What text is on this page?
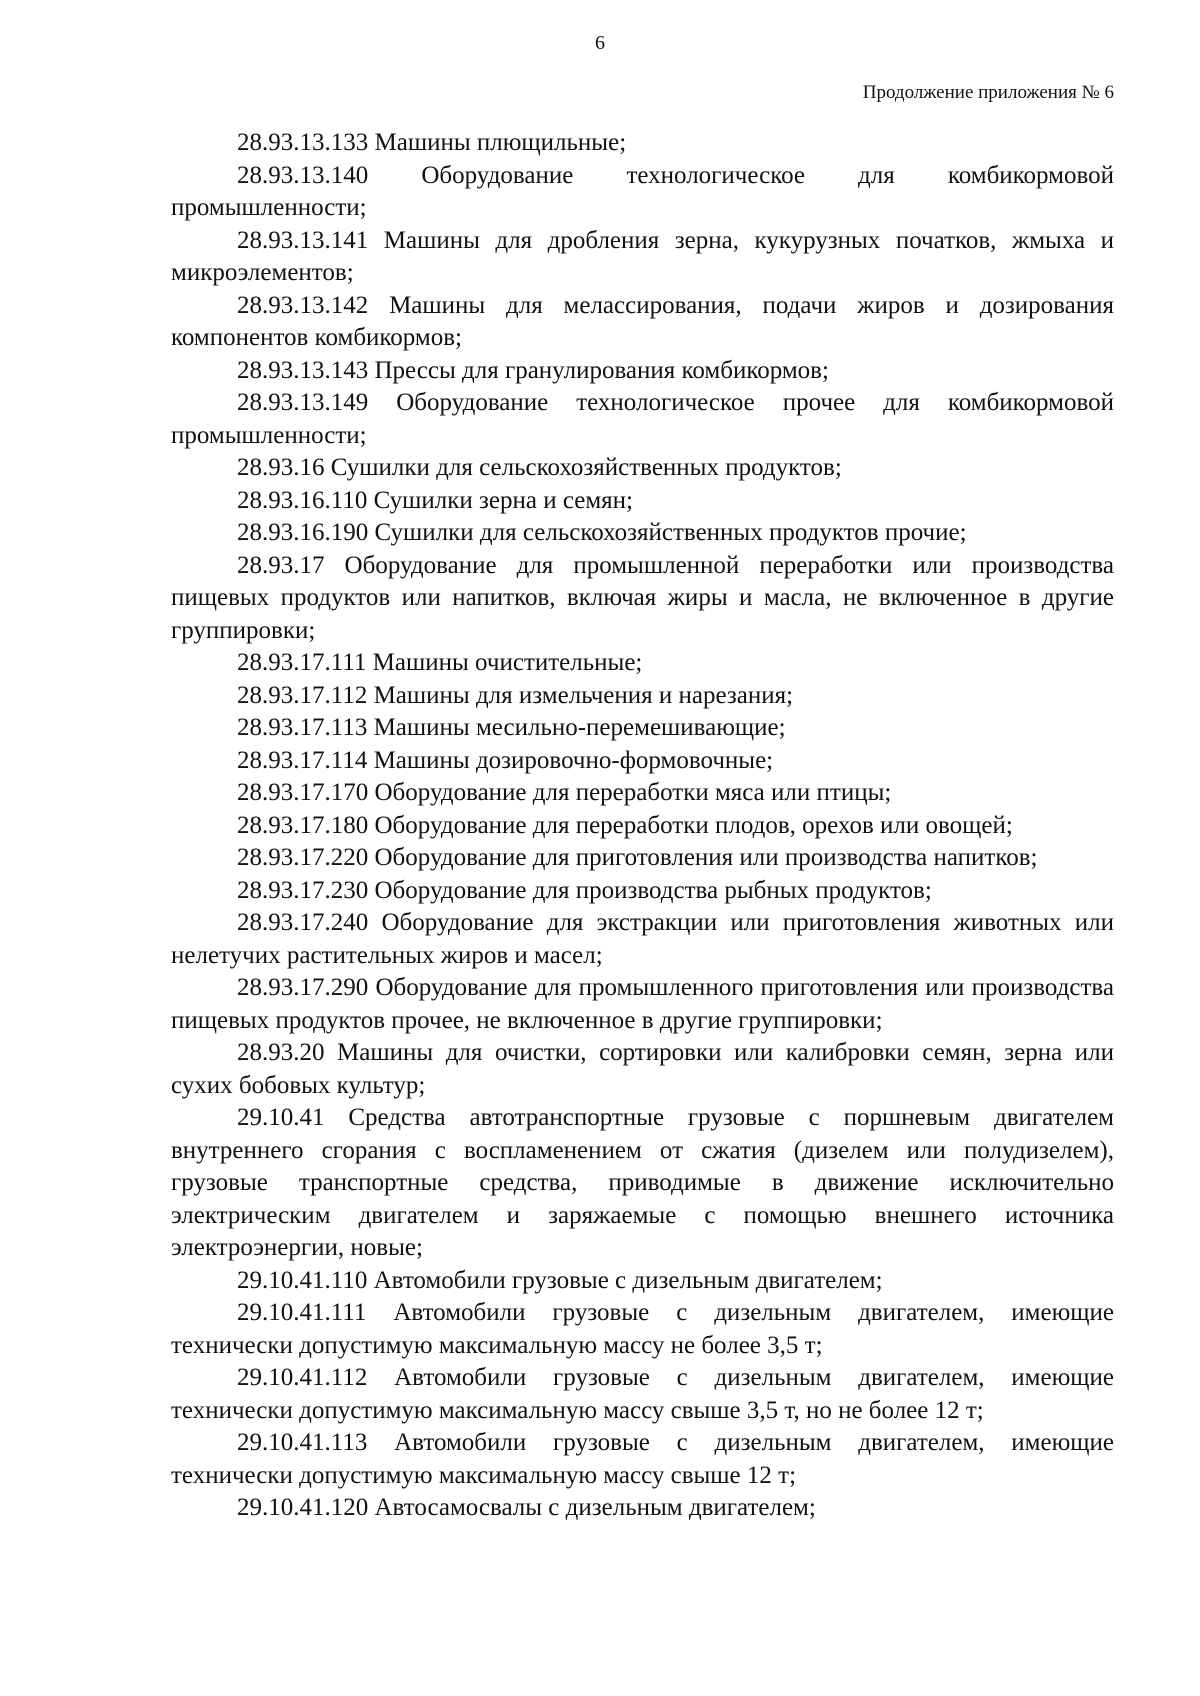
6
Продолжение приложения № 6

28.93.13.133 Машины плющильные;

28.93.13.140 Оборудование технологическое для комбикормовой промышленности;

28.93.13.141 Машины для дробления зерна, кукурузных початков, жмыха и микроэлементов;

28.93.13.142 Машины для мелассирования, подачи жиров и дозирования компонентов комбикормов;

28.93.13.143 Прессы для гранулирования комбикормов;

28.93.13.149 Оборудование технологическое прочее для комбикормовой промышленности;

28.93.16 Сушилки для сельскохозяйственных продуктов;

28.93.16.110 Сушилки зерна и семян;

28.93.16.190 Сушилки для сельскохозяйственных продуктов прочие;

28.93.17 Оборудование для промышленной переработки или производства пищевых продуктов или напитков, включая жиры и масла, не включенное в другие группировки;

28.93.17.111 Машины очистительные;

28.93.17.112 Машины для измельчения и нарезания;

28.93.17.113 Машины месильно-перемешивающие;

28.93.17.114 Машины дозировочно-формовочные;

28.93.17.170 Оборудование для переработки мяса или птицы;

28.93.17.180 Оборудование для переработки плодов, орехов или овощей;

28.93.17.220 Оборудование для приготовления или производства напитков;

28.93.17.230 Оборудование для производства рыбных продуктов;

28.93.17.240 Оборудование для экстракции или приготовления животных или нелетучих растительных жиров и масел;

28.93.17.290 Оборудование для промышленного приготовления или производства пищевых продуктов прочее, не включенное в другие группировки;

28.93.20 Машины для очистки, сортировки или калибровки семян, зерна или сухих бобовых культур;

29.10.41 Средства автотранспортные грузовые с поршневым двигателем внутреннего сгорания с воспламенением от сжатия (дизелем или полудизелем), грузовые транспортные средства, приводимые в движение исключительно электрическим двигателем и заряжаемые с помощью внешнего источника электроэнергии, новые;

29.10.41.110 Автомобили грузовые с дизельным двигателем;

29.10.41.111 Автомобили грузовые с дизельным двигателем, имеющие технически допустимую максимальную массу не более 3,5 т;

29.10.41.112 Автомобили грузовые с дизельным двигателем, имеющие технически допустимую максимальную массу свыше 3,5 т, но не более 12 т;

29.10.41.113 Автомобили грузовые с дизельным двигателем, имеющие технически допустимую максимальную массу свыше 12 т;

29.10.41.120 Автосамосвалы с дизельным двигателем;
